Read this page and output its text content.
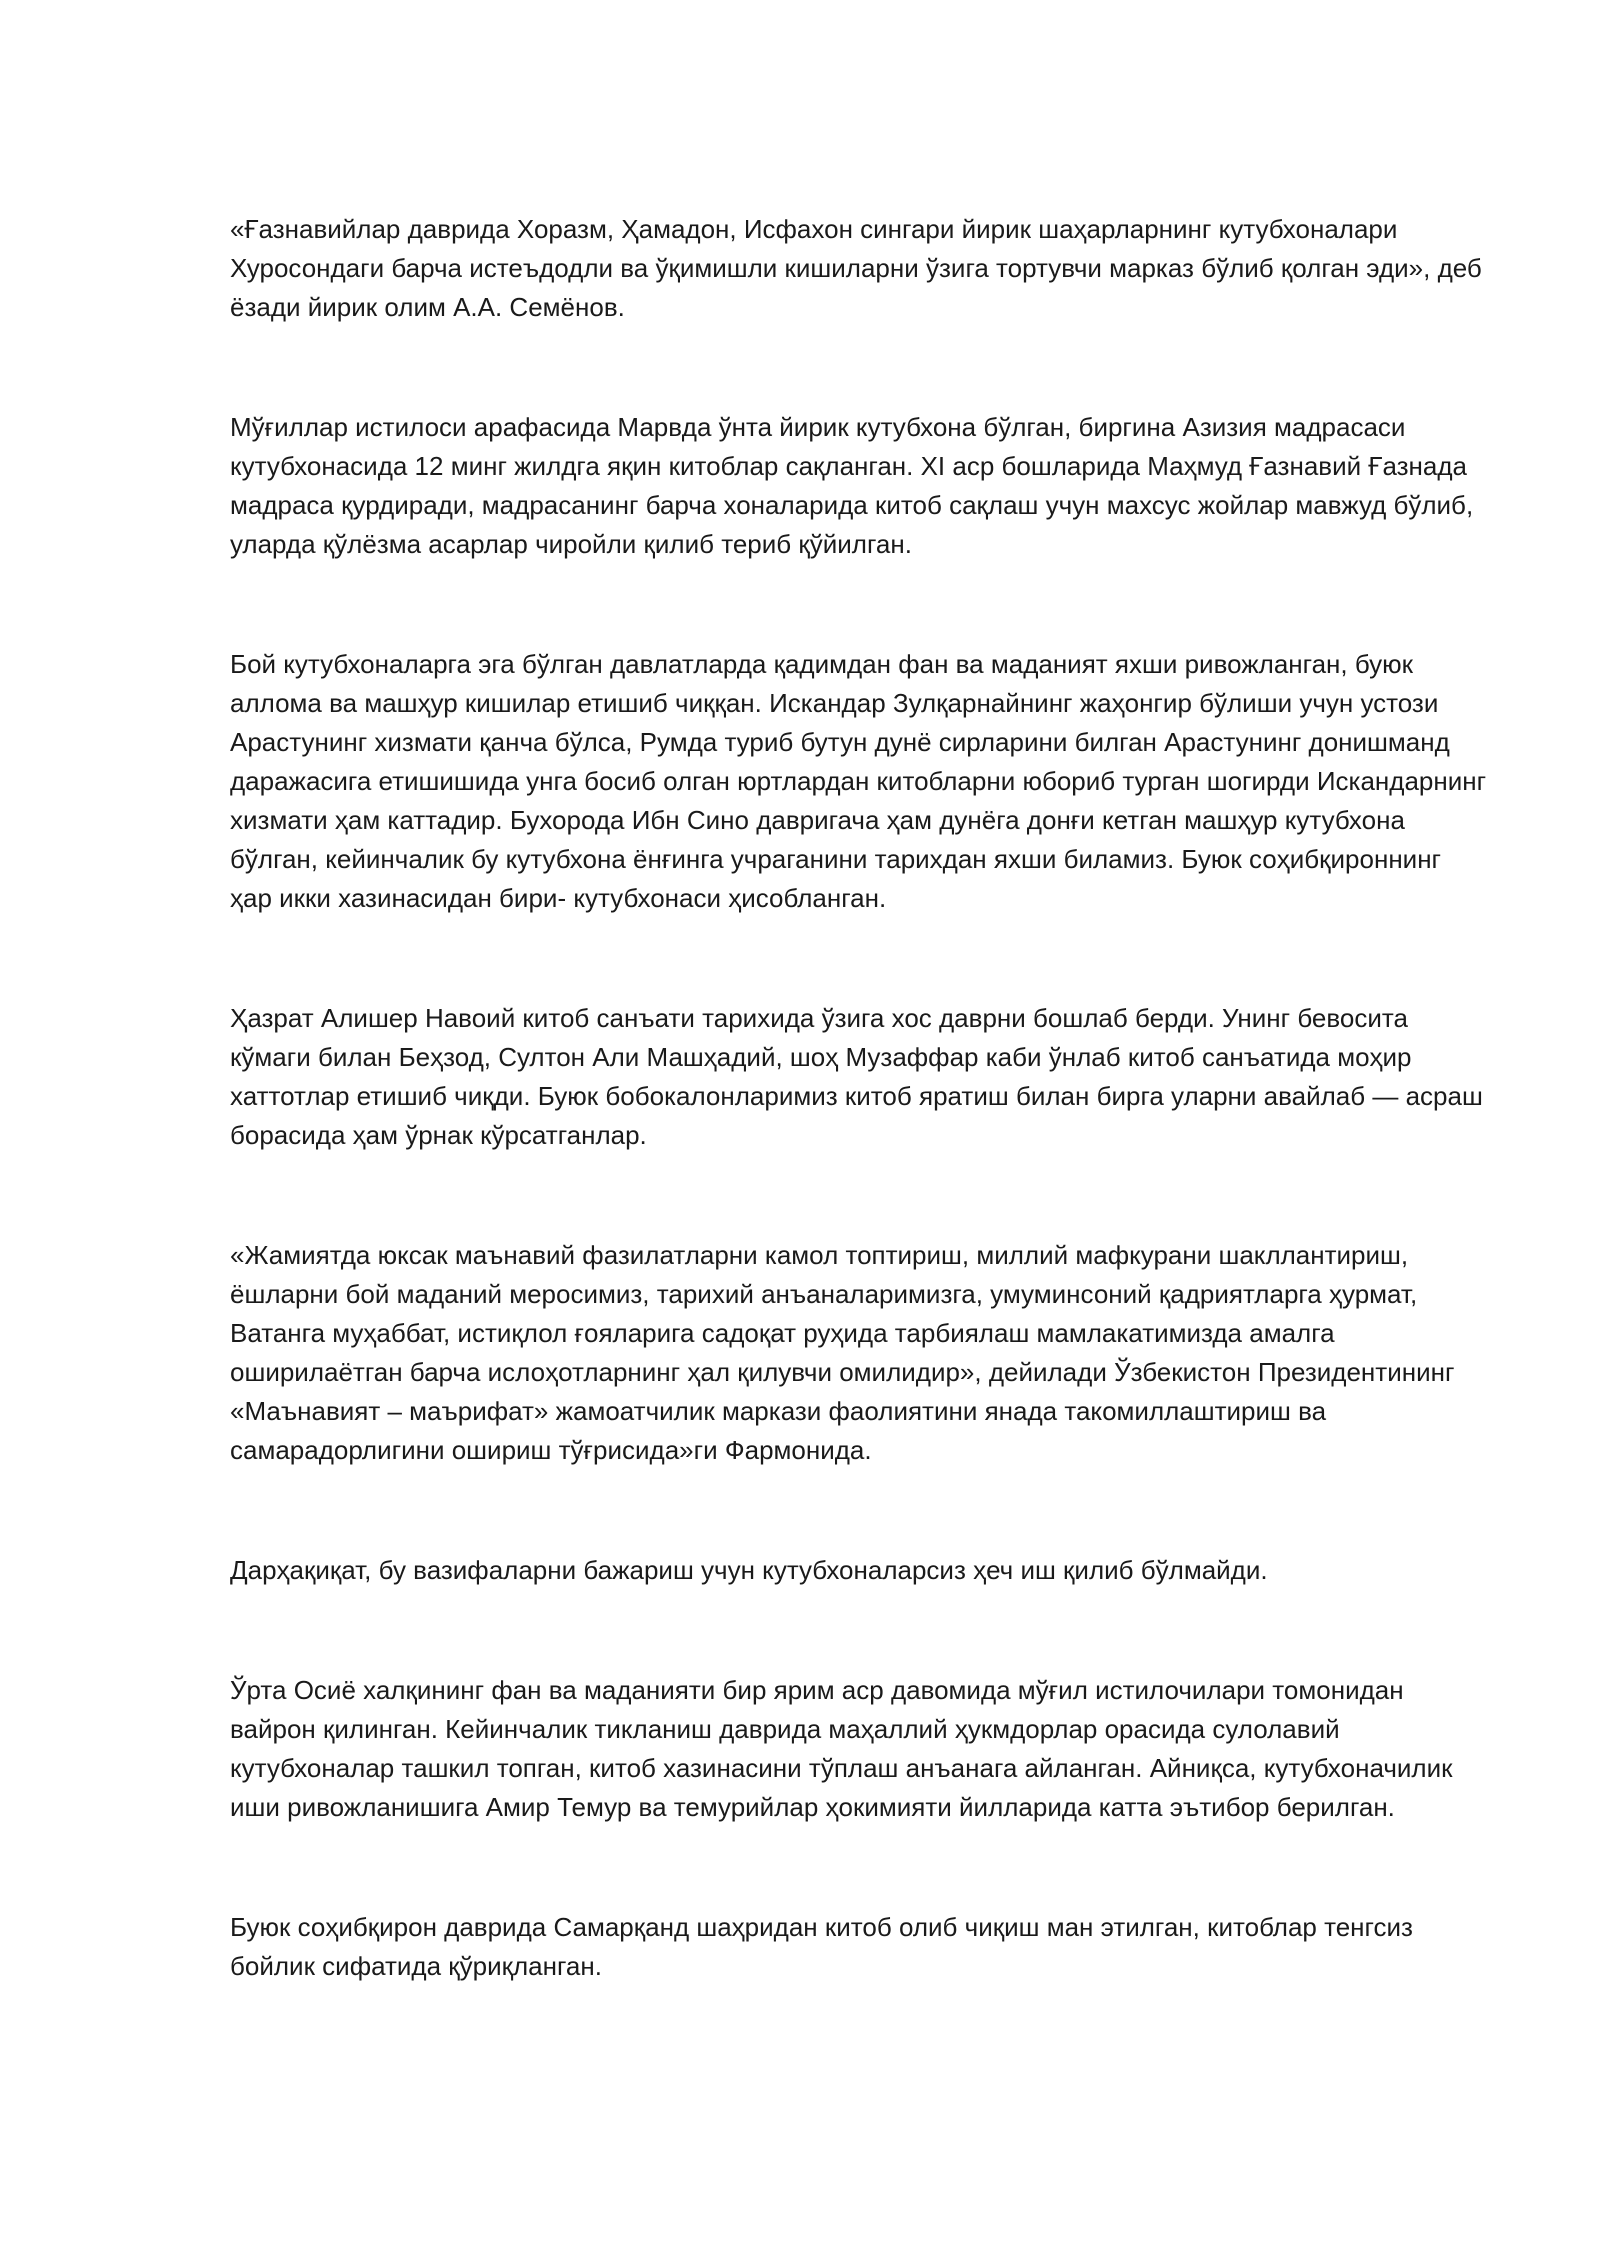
«Ғазнавийлар даврида Хоразм, Ҳамадон, Исфахон сингари йирик шаҳарларнинг кутубхоналари Хуросондаги барча истеъдодли ва ўқимишли кишиларни ўзига тортувчи марказ бўлиб қолган эди», деб ёзади йирик олим А.А. Семёнов.

Мўғиллар истилоси арафасида Марвда ўнта йирик кутубхона бўлган, биргина Азизия мадрасаси кутубхонасида 12 минг жилдга яқин китоблар сақланган. XI аср бошларида Маҳмуд Ғазнавий Ғазнада мадраса қурдиради, мадрасанинг барча хоналарида китоб сақлаш учун махсус жойлар мавжуд бўлиб, уларда қўлёзма асарлар чиройли қилиб териб қўйилган.

Бой кутубхоналарга эга бўлган давлатларда қадимдан фан ва маданият яхши ривожланган, буюк аллома ва машҳур кишилар етишиб чиққан. Искандар Зулқарнайнинг жаҳонгир бўлиши учун устози Арастунинг хизмати қанча бўлса, Румда туриб бутун дунё сирларини билган Арастунинг донишманд даражасига етишишида унга босиб олган юртлардан китобларни юбориб турган шогирди Искандарнинг хизмати ҳам каттадир. Бухорода Ибн Сино давригача ҳам дунёга донғи кетган машҳур кутубхона бўлган, кейинчалик бу кутубхона ёнғинга учраганини тарихдан яхши биламиз. Буюк соҳибқироннинг ҳар икки хазинасидан бири- кутубхонаси ҳисобланган.

Ҳазрат Алишер Навоий китоб санъати тарихида ўзига хос даврни бошлаб берди. Унинг бевосита кўмаги билан Беҳзод, Султон Али Машҳадий, шоҳ Музаффар каби ўнлаб китоб санъатида моҳир хаттотлар етишиб чиқди. Буюк бобокалонларимиз китоб яратиш билан бирга уларни авайлаб — асраш борасида ҳам ўрнак кўрсатганлар.

«Жамиятда юксак маънавий фазилатларни камол топтириш, миллий мафкурани шакллантириш, ёшларни бой маданий меросимиз, тарихий анъаналаримизга, умуминсоний қадриятларга ҳурмат, Ватанга муҳаббат, истиқлол ғояларига садоқат руҳида тарбиялаш мамлакатимизда амалга оширилаётган барча ислоҳотларнинг ҳал қилувчи омилидир», дейилади Ўзбекистон Президентининг «Маънавият – маърифат» жамоатчилик маркази фаолиятини янада такомиллаштириш ва самарадорлигини ошириш тўғрисида»ги Фармонида.

Дарҳақиқат, бу вазифаларни бажариш учун кутубхоналарсиз ҳеч иш қилиб бўлмайди.

Ўрта Осиё халқининг фан ва маданияти бир ярим аср давомида мўғил истилочилари томонидан вайрон қилинган. Кейинчалик тикланиш даврида маҳаллий ҳукмдорлар орасида сулолавий кутубхоналар ташкил топган, китоб хазинасини тўплаш анъанага айланган. Айниқса, кутубхоначилик иши ривожланишига Амир Темур ва темурийлар ҳокимияти йилларида катта эътибор берилган.

Буюк соҳибқирон даврида Самарқанд шаҳридан китоб олиб чиқиш ман этилган, китоблар тенгсиз бойлик сифатида қўриқланган.
